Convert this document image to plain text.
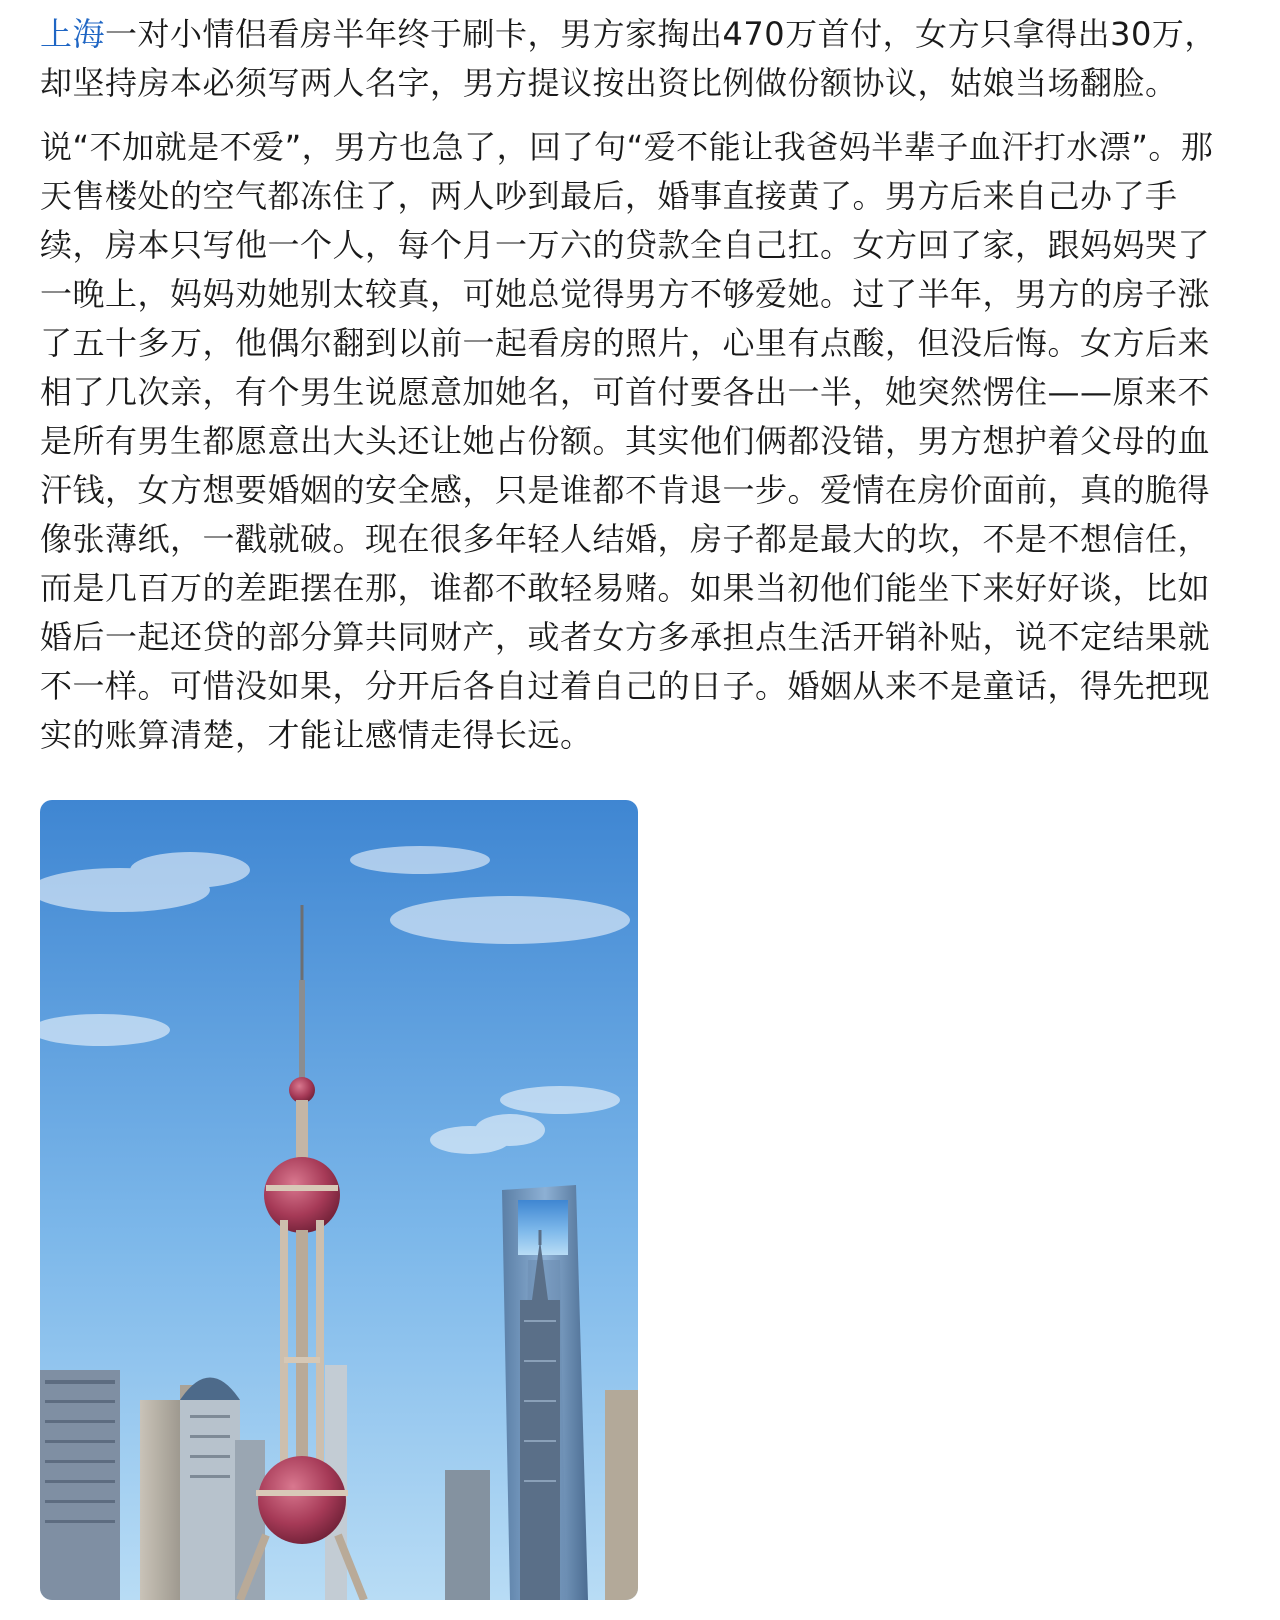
上海一对小情侣看房半年终于刷卡，男方家掏出470万首付，女方只拿得出30万，却坚持房本必须写两人名字，男方提议按出资比例做份额协议，姑娘当场翻脸。

说“不加就是不爱”，男方也急了，回了句“爱不能让我爸妈半辈子血汗打水漂”。那天售楼处的空气都冻住了，两人吵到最后，婚事直接黄了。男方后来自己办了手续，房本只写他一个人，每个月一万六的贷款全自己扛。女方回了家，跟妈妈哭了一晚上，妈妈劝她别太较真，可她总觉得男方不够爱她。过了半年，男方的房子涨了五十多万，他偶尔翻到以前一起看房的照片，心里有点酸，但没后悔。女方后来相了几次亲，有个男生说愿意加她名，可首付要各出一半，她突然愣住——原来不是所有男生都愿意出大头还让她占份额。其实他们俩都没错，男方想护着父母的血汗钱，女方想要婚姻的安全感，只是谁都不肯退一步。爱情在房价面前，真的脆得像张薄纸，一戳就破。现在很多年轻人结婚，房子都是最大的坎，不是不想信任，而是几百万的差距摆在那，谁都不敢轻易赌。如果当初他们能坐下来好好谈，比如婚后一起还贷的部分算共同财产，或者女方多承担点生活开销补贴，说不定结果就不一样。可惜没如果，分开后各自过着自己的日子。婚姻从来不是童话，得先把现实的账算清楚，才能让感情走得长远。
